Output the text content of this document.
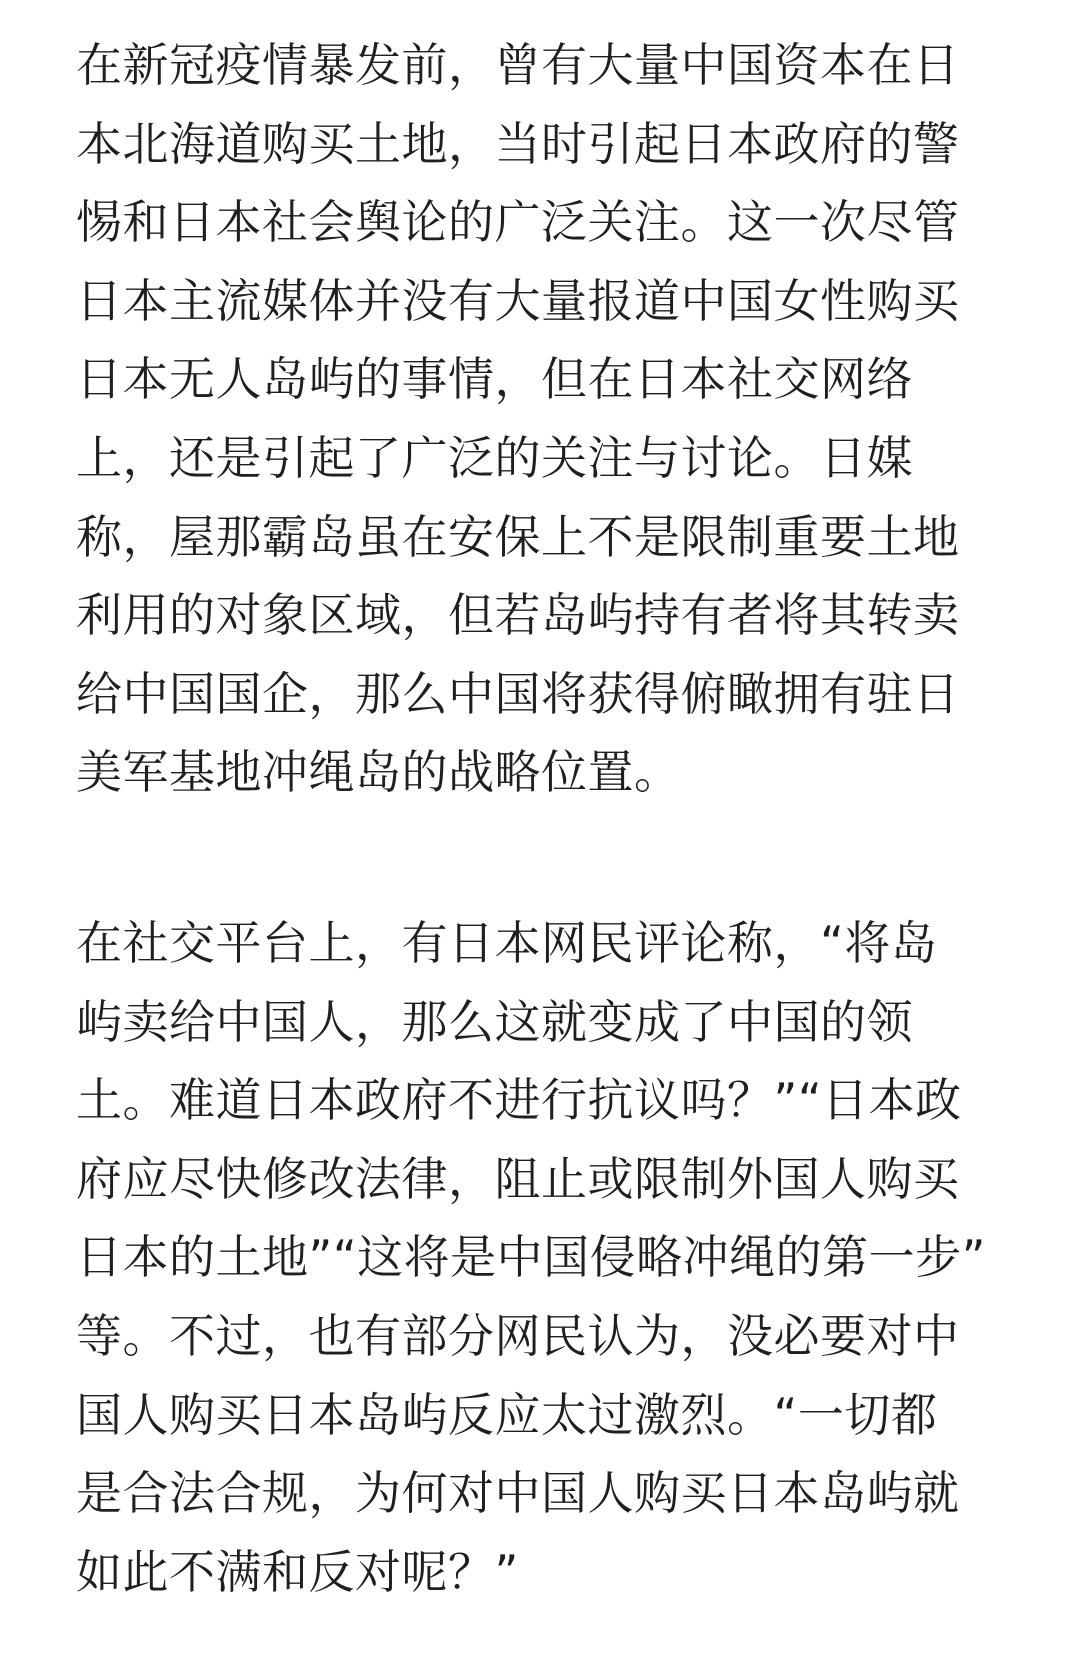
在新冠疫情暴发前，曾有大量中国资本在日
本北海道购买土地，当时引起日本政府的警
惕和日本社会舆论的广泛关注。这一次尽管
日本主流媒体并没有大量报道中国女性购买
日本无人岛屿的事情，但在日本社交网络
上，还是引起了广泛的关注与讨论。日媒
称，屋那霸岛虽在安保上不是限制重要土地
利用的对象区域，但若岛屿持有者将其转卖
给中国国企，那么中国将获得俯瞰拥有驻日
美军基地冲绳岛的战略位置。
在社交平台上，有日本网民评论称，“将岛
屿卖给中国人，那么这就变成了中国的领
土。难道日本政府不进行抗议吗？”“日本政
府应尽快修改法律，阻止或限制外国人购买
日本的土地”“这将是中国侵略冲绳的第一步”
等。不过，也有部分网民认为，没必要对中
国人购买日本岛屿反应太过激烈。“一切都
是合法合规，为何对中国人购买日本岛屿就
如此不满和反对呢？”
